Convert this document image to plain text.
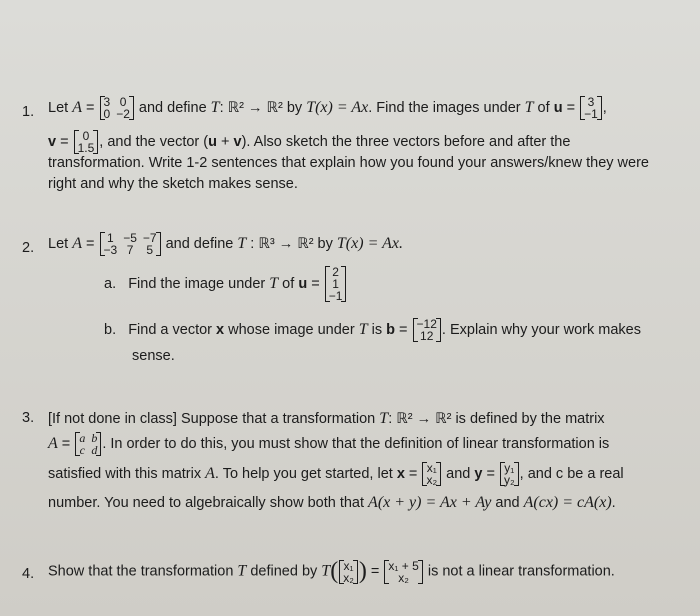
1. Let A = 3	0
0	−2 and define T: ℝ² → ℝ² by T(x) = Ax. Find the images under T of u = 3
−1 ,
v = 0
1.5 , and the vector (u + v). Also sketch the three vectors before and after the
transformation. Write 1-2 sentences that explain how you found your answers/knew they were
right and why the sketch makes sense.
2. Let A = 1	−5	−7
−3	7	5 and define T : ℝ³ → ℝ² by T(x) = Ax.
a. Find the image under T of u =
2
1
−1
b. Find a vector x whose image under T is b = −12
12 . Explain why your work makes
sense.
3. [If not done in class] Suppose that a transformation T: ℝ² → ℝ² is defined by the matrix
A = a	b
c	d . In order to do this, you must show that the definition of linear transformation is
satisfied with this matrix A. To help you get started, let x = x₁
x₂ and y = y₁
y₂ , and c be a real
number. You need to algebraically show both that A(x + y) = Ax + Ay and A(cx) = cA(x).
4. Show that the transformation T defined by T( x₁
x₂ ) = x₁ + 5
x₂ is not a linear transformation.
